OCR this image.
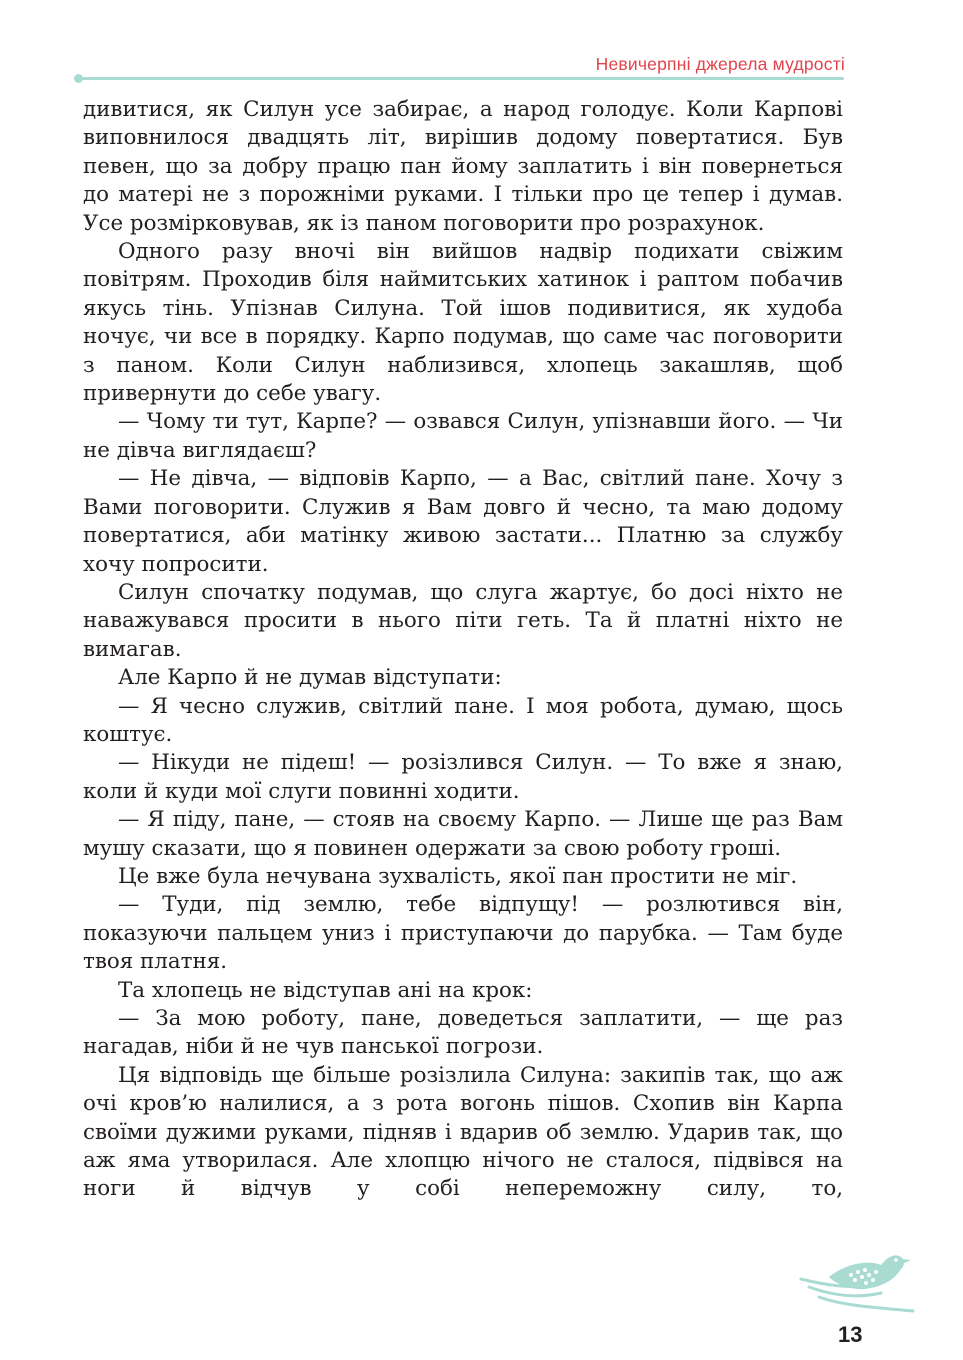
Невичерпні джерела мудрості

дивитися, як Силун усе забирає, а народ голодує. Коли Карпові виповнилося двадцять літ, вирішив додому повертатися. Був певен, що за добру працю пан йому заплатить і він повернеться до матері не з порожніми руками. І тільки про це тепер і думав. Усе розмірковував, як із паном поговорити про розрахунок.

Одного разу вночі він вийшов надвір подихати свіжим повітрям. Проходив біля наймитських хатинок і раптом побачив якусь тінь. Упізнав Силуна. Той ішов подивитися, як худоба ночує, чи все в порядку. Карпо подумав, що саме час поговорити з паном. Коли Силун наблизився, хлопець закашляв, щоб привернути до себе увагу.

— Чому ти тут, Карпе? — озвався Силун, упізнавши його. — Чи не дівча виглядаєш?

— Не дівча, — відповів Карпо, — а Вас, світлий пане. Хочу з Вами поговорити. Служив я Вам довго й чесно, та маю додому повертатися, аби матінку живою застати... Платню за службу хочу попросити.

Силун спочатку подумав, що слуга жартує, бо досі ніхто не наважувався просити в нього піти геть. Та й платні ніхто не вимагав.

Але Карпо й не думав відступати:

— Я чесно служив, світлий пане. І моя робота, думаю, щось коштує.

— Нікуди не підеш! — розізлився Силун. — То вже я знаю, коли й куди мої слуги повинні ходити.

— Я піду, пане, — стояв на своєму Карпо. — Лише ще раз Вам мушу сказати, що я повинен одержати за свою роботу гроші.

Це вже була нечувана зухвалість, якої пан простити не міг.

— Туди, під землю, тебе відпущу! — розлютився він, показуючи пальцем униз і приступаючи до парубка. — Там буде твоя платня.

Та хлопець не відступав ані на крок:

— За мою роботу, пане, доведеться заплатити, — ще раз нагадав, ніби й не чув панської погрози.

Ця відповідь ще більше розізлила Силуна: закипів так, що аж очі кров’ю налилися, а з рота вогонь пішов. Схопив він Карпа своїми дужими руками, підняв і вдарив об землю. Ударив так, що аж яма утворилася. Але хлопцю нічого не сталося, підвівся на ноги й відчув у собі непереможну силу, то,

13
